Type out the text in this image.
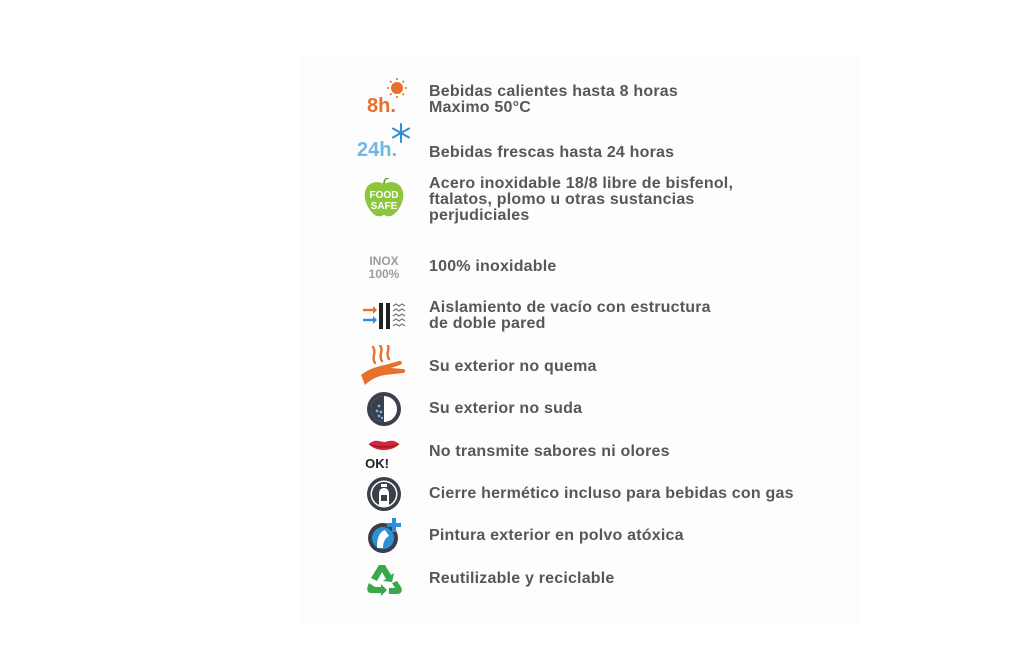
8h.
Bebidas calientes hasta 8 horas
Maximo 50°C
24h. Bebidas frescas hasta 24 horas
FOOD
SAFE
Acero inoxidable 18/8 libre de bisfenol,
ftalatos, plomo u otras sustancias
perjudiciales
INOX
100% 100% inoxidable
Aislamiento de vacío con estructura
de doble pared
Su exterior no quema
Su exterior no suda
OK!
No transmite sabores ni olores
Cierre hermético incluso para bebidas con gas
Pintura exterior en polvo atóxica
Reutilizable y reciclable
